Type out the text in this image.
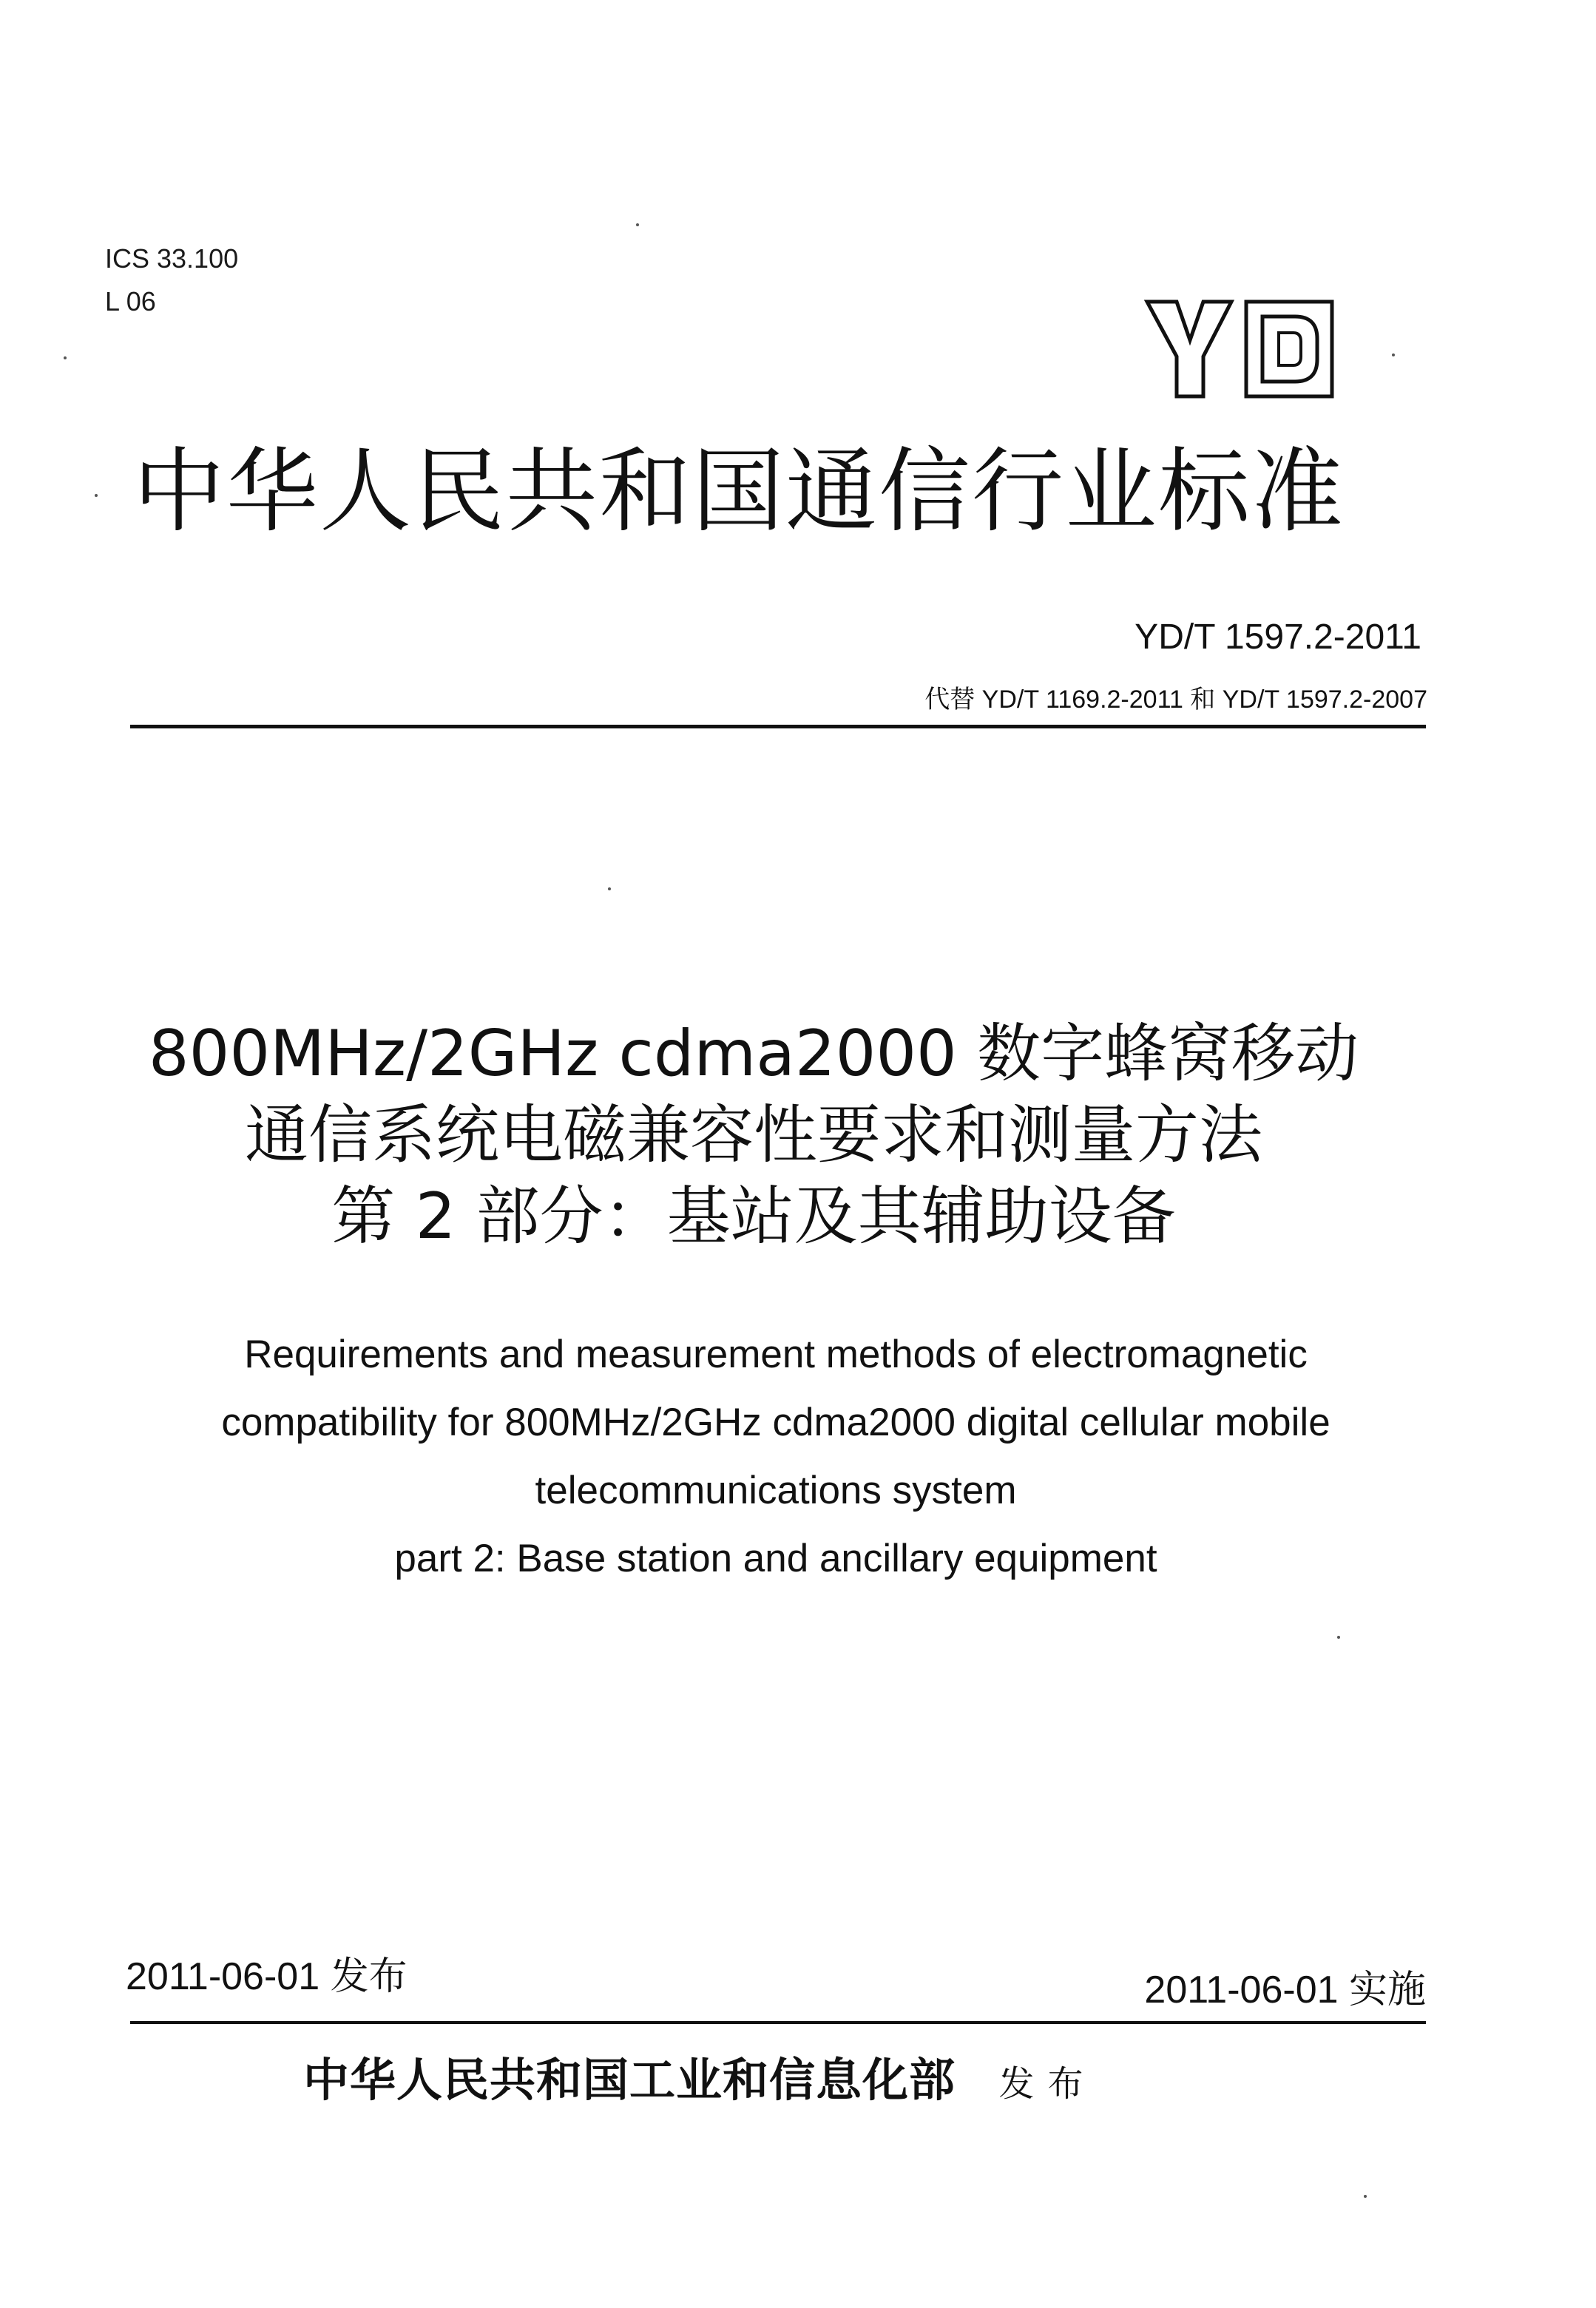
ICS 33.100
L 06
中华人民共和国通信行业标准
YD/T 1597.2-2011
代替 YD/T 1169.2-2011 和 YD/T 1597.2-2007
800MHz/2GHz cdma2000 数字蜂窝移动
通信系统电磁兼容性要求和测量方法
第 2 部分：基站及其辅助设备
Requirements and measurement methods of electromagnetic
compatibility for 800MHz/2GHz cdma2000 digital cellular mobile
telecommunications system
part 2: Base station and ancillary equipment
2011-06-01 发布	2011-06-01 实施
中华人民共和国工业和信息化部 发布
